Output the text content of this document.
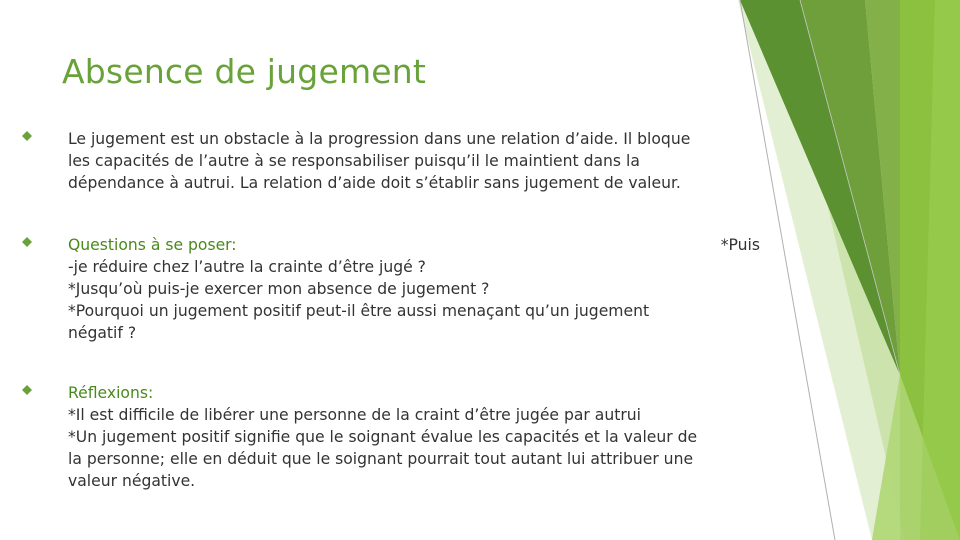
Absence de jugement
Le jugement est un obstacle à la progression dans une relation d’aide. Il bloque
les capacités de l’autre à se responsabiliser puisqu’il le maintient dans la
dépendance à autrui. La relation d’aide doit s’établir sans jugement de valeur.
Questions à se poser:	*Puis
-je réduire chez l’autre la crainte d’être jugé ?
*Jusqu’où puis-je exercer mon absence de jugement ?
*Pourquoi un jugement positif peut-il être aussi menaçant qu’un jugement
négatif ?
Réflexions:
*Il est difficile de libérer une personne de la craint d’être jugée par autrui
*Un jugement positif signifie que le soignant évalue les capacités et la valeur de
la personne; elle en déduit que le soignant pourrait tout autant lui attribuer une
valeur négative.
